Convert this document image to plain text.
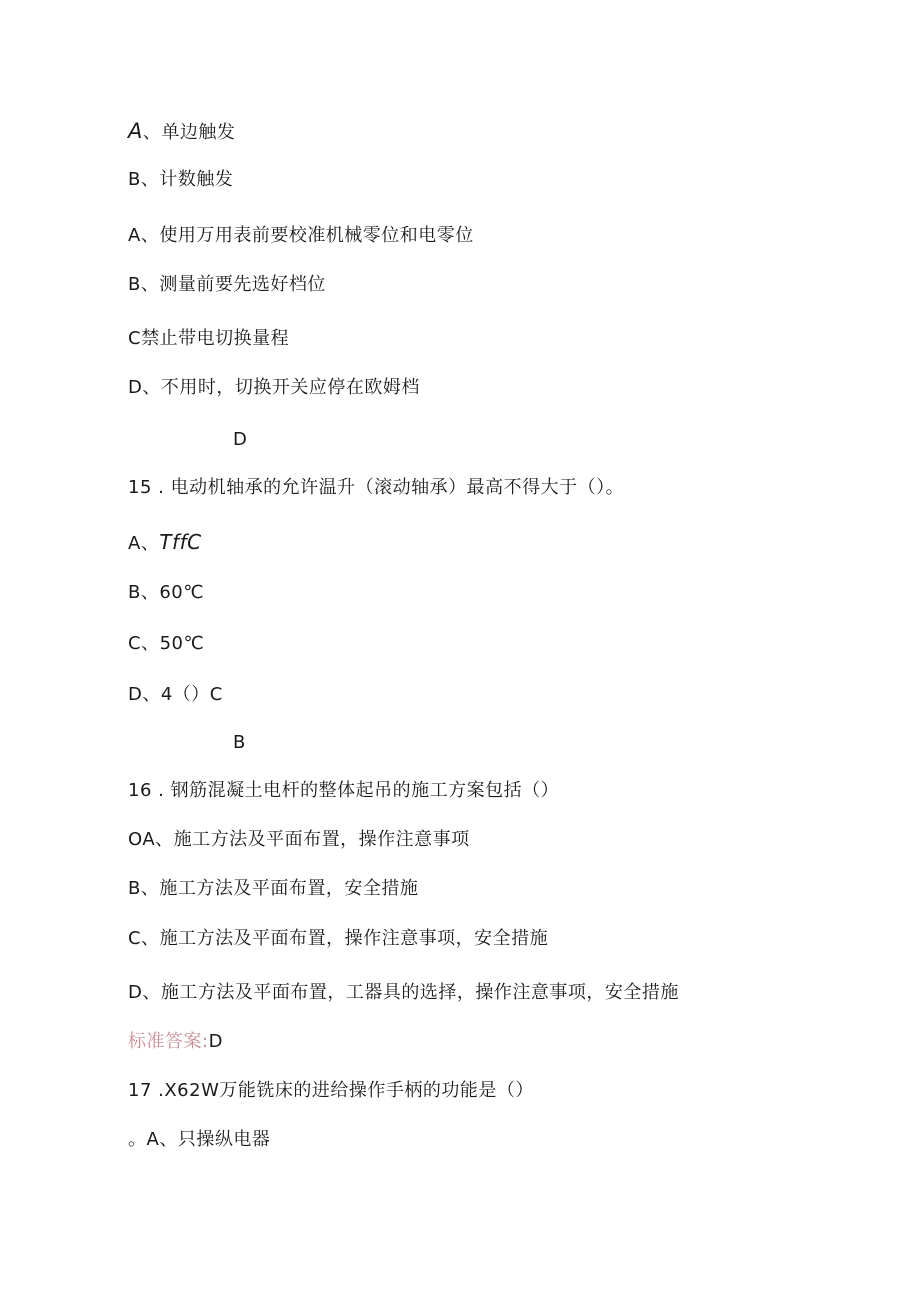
A、单边触发
B、计数触发
A、使用万用表前要校准机械零位和电零位
B、测量前要先选好档位
C禁止带电切换量程
D、不用时，切换开关应停在欧姆档
D
15 . 电动机轴承的允许温升（滚动轴承）最高不得大于（）。
A、TffC
B、60℃
C、50℃
D、4（）C
B
16 . 钢筋混凝土电杆的整体起吊的施工方案包括（）
OA、施工方法及平面布置，操作注意事项
B、施工方法及平面布置，安全措施
C、施工方法及平面布置，操作注意事项，安全措施
D、施工方法及平面布置，工器具的选择，操作注意事项，安全措施
标准答案:D
17 .X62W万能铣床的进给操作手柄的功能是（）
。A、只操纵电器
